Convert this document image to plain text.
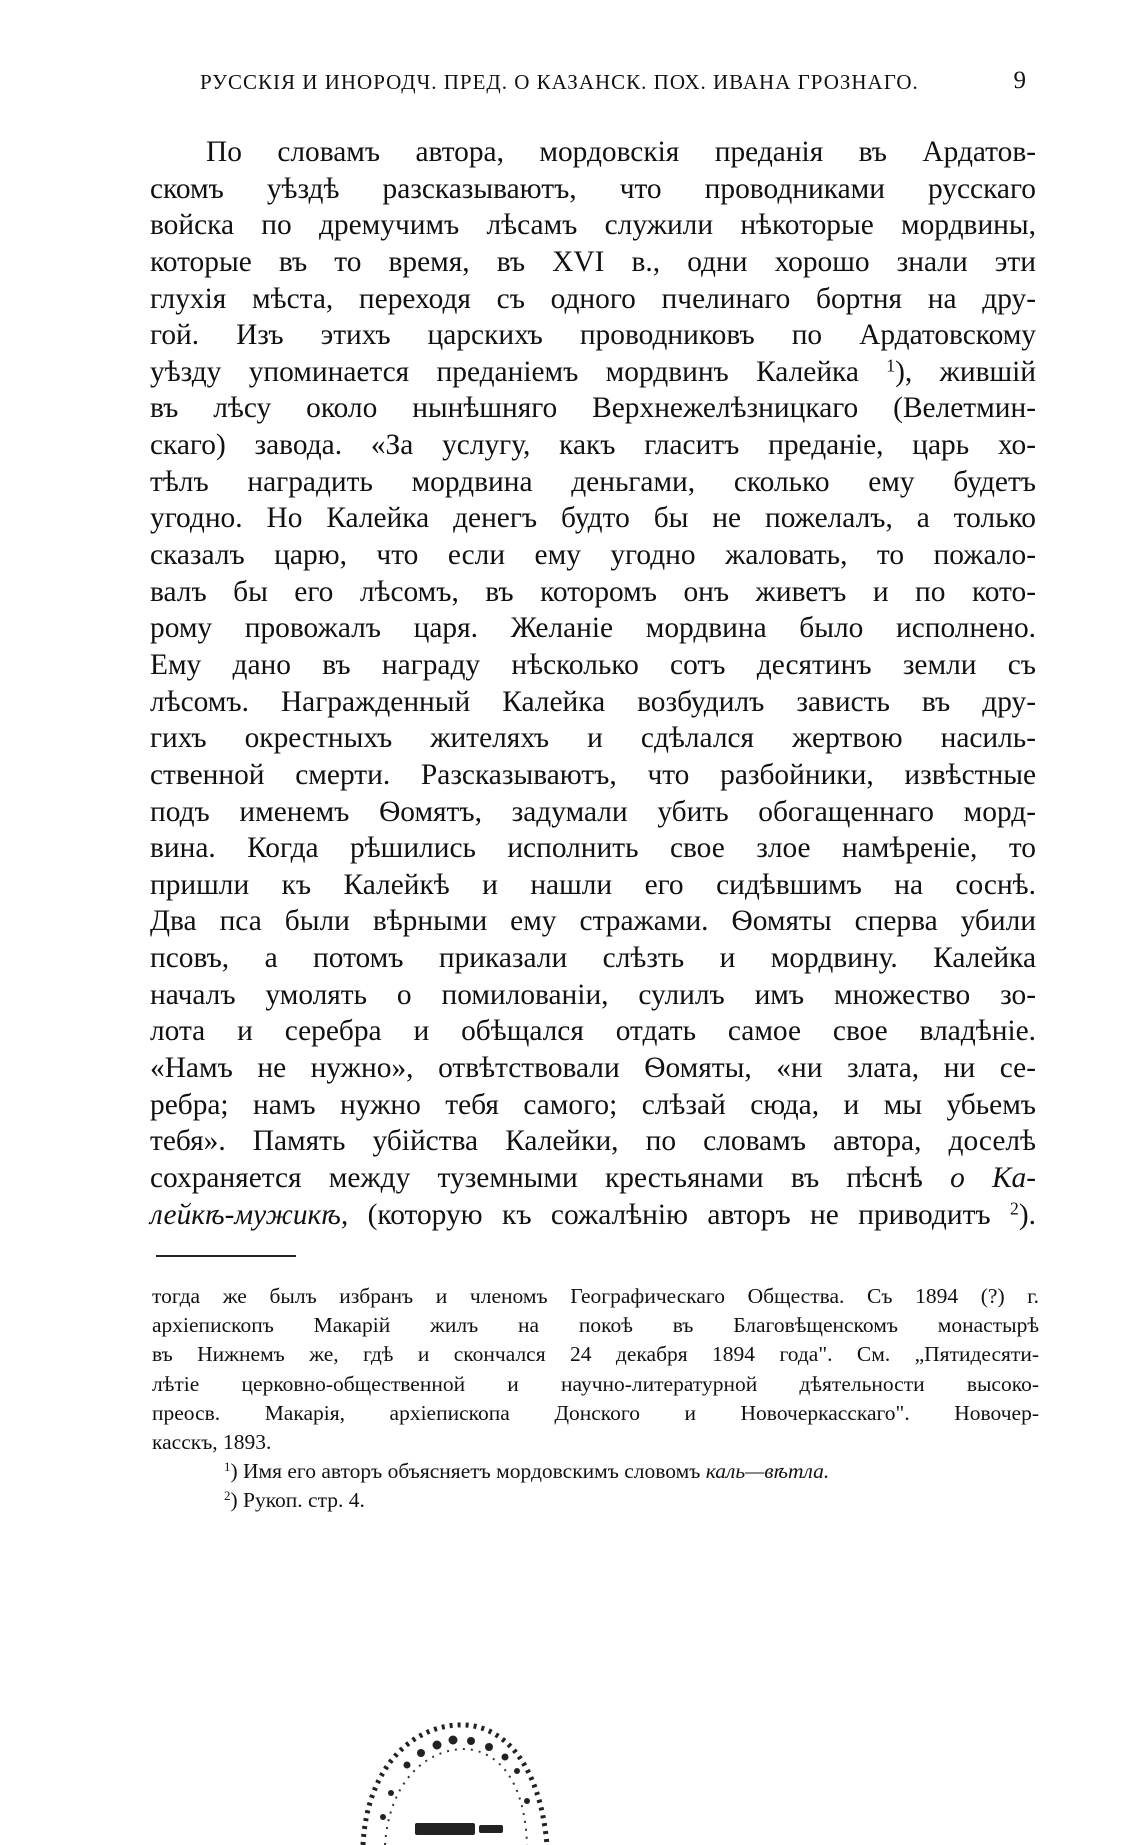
РУССКІЯ И ИНОРОДЧ. ПРЕД. О КАЗАНСК. ПОХ. ИВАНА ГРОЗНАГО.	9
По словамъ автора, мордовскія преданія въ Ардатов-
скомъ уѣздѣ разсказываютъ, что проводниками русскаго
войска по дремучимъ лѣсамъ служили нѣкоторые мордвины,
которые въ то время, въ XVI в., одни хорошо знали эти
глухія мѣста, переходя съ одного пчелинаго бортня на дру-
гой. Изъ этихъ царскихъ проводниковъ по Ардатовскому
уѣзду упоминается преданіемъ мордвинъ Калейка $^1$), жившій
въ лѣсу около нынѣшняго Верхнежелѣзницкаго (Велетмин-
скаго) завода. «За услугу, какъ гласитъ преданіе, царь хо-
тѣлъ наградить мордвина деньгами, сколько ему будетъ
угодно. Но Калейка денегъ будто бы не пожелалъ, а только
сказалъ царю, что если ему угодно жаловать, то пожало-
валъ бы его лѣсомъ, въ которомъ онъ живетъ и по кото-
рому провожалъ царя. Желаніе мордвина было исполнено.
Ему дано въ награду нѣсколько сотъ десятинъ земли съ
лѣсомъ. Награжденный Калейка возбудилъ зависть въ дру-
гихъ окрестныхъ жителяхъ и сдѣлался жертвою насиль-
ственной смерти. Разсказываютъ, что разбойники, извѣстные
подъ именемъ Ѳомятъ, задумали убить обогащеннаго морд-
вина. Когда рѣшились исполнить свое злое намѣреніе, то
пришли къ Калейкѣ и нашли его сидѣвшимъ на соснѣ.
Два пса были вѣрными ему стражами. Ѳомяты сперва убили
псовъ, а потомъ приказали слѣзть и мордвину. Калейка
началъ умолять о помилованіи, сулилъ имъ множество зо-
лота и серебра и обѣщался отдать самое свое владѣніе.
«Намъ не нужно», отвѣтствовали Ѳомяты, «ни злата, ни се-
ребра; намъ нужно тебя самого; слѣзай сюда, и мы убьемъ
тебя». Память убійства Калейки, по словамъ автора, доселѣ
сохраняется между туземными крестьянами въ пѣснѣ о Ка-
лейкѣ-мужикѣ, (которую къ сожалѣнію авторъ не приводитъ $^2$).
тогда же былъ избранъ и членомъ Географическаго Общества. Съ 1894 (?) г.
архіепископъ Макарій жилъ на покоѣ въ Благовѣщенскомъ монастырѣ
въ Нижнемъ же, гдѣ и скончался 24 декабря 1894 года". См. „Пятидесяти-
лѣтіе церковно-общественной и научно-литературной дѣятельности высоко-
преосв. Макарія, архіепископа Донского и Новочеркасскаго". Новочер-
касскъ, 1893.
$^1$) Имя его авторъ объясняетъ мордовскимъ словомъ каль—вѣтла.
$^2$) Рукоп. стр. 4.
